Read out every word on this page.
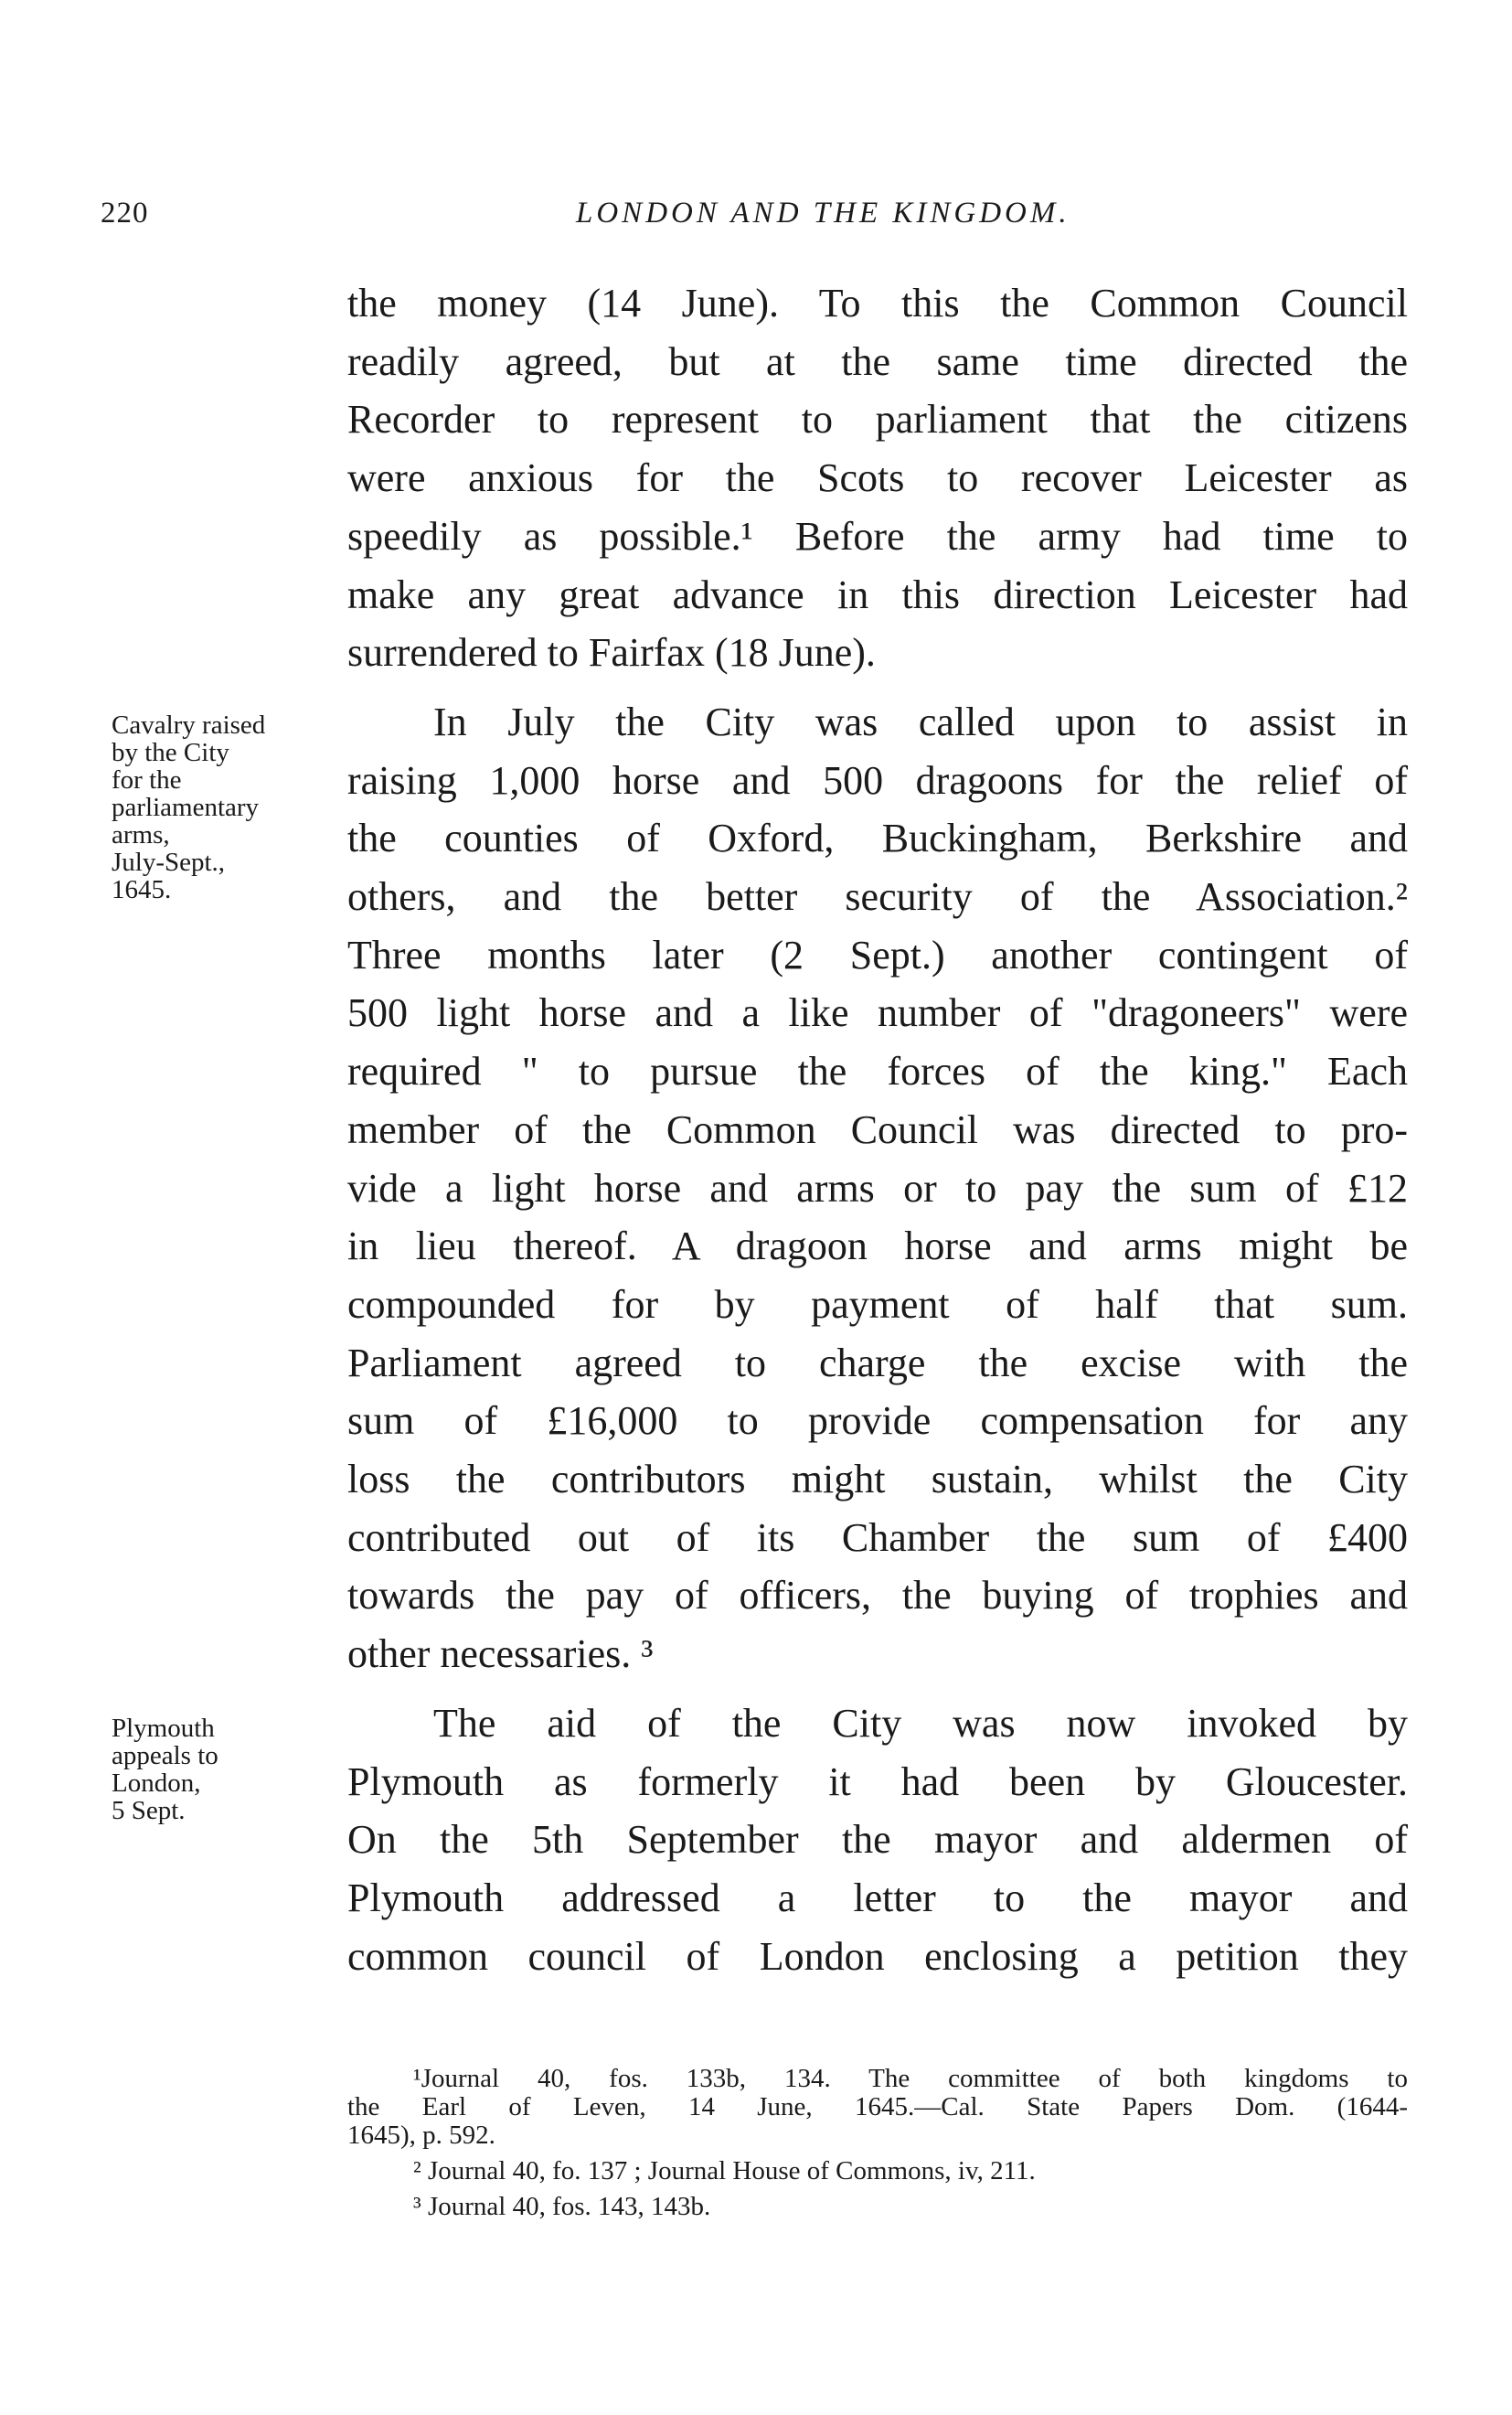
220	LONDON AND THE KINGDOM.
Cavalry raised
by the City
for the
parliamentary
arms,
July-Sept.,
1645.
Plymouth
appeals to
London,
5 Sept.
the money (14 June). To this the Common Council
readily agreed, but at the same time directed the
Recorder to represent to parliament that the citizens
were anxious for the Scots to recover Leicester as
speedily as possible.¹ Before the army had time to
make any great advance in this direction Leicester had
surrendered to Fairfax (18 June).
In July the City was called upon to assist in
raising 1,000 horse and 500 dragoons for the relief of
the counties of Oxford, Buckingham, Berkshire and
others, and the better security of the Association.²
Three months later (2 Sept.) another contingent of
500 light horse and a like number of "dragoneers" were
required " to pursue the forces of the king." Each
member of the Common Council was directed to pro-
vide a light horse and arms or to pay the sum of £12
in lieu thereof. A dragoon horse and arms might be
compounded for by payment of half that sum.
Parliament agreed to charge the excise with the
sum of £16,000 to provide compensation for any
loss the contributors might sustain, whilst the City
contributed out of its Chamber the sum of £400
towards the pay of officers, the buying of trophies and
other necessaries. ³
The aid of the City was now invoked by
Plymouth as formerly it had been by Gloucester.
On the 5th September the mayor and aldermen of
Plymouth addressed a letter to the mayor and
common council of London enclosing a petition they
¹Journal 40, fos. 133b, 134. The committee of both kingdoms to
the Earl of Leven, 14 June, 1645.—Cal. State Papers Dom. (1644-
1645), p. 592.
² Journal 40, fo. 137 ; Journal House of Commons, iv, 211.
³ Journal 40, fos. 143, 143b.
